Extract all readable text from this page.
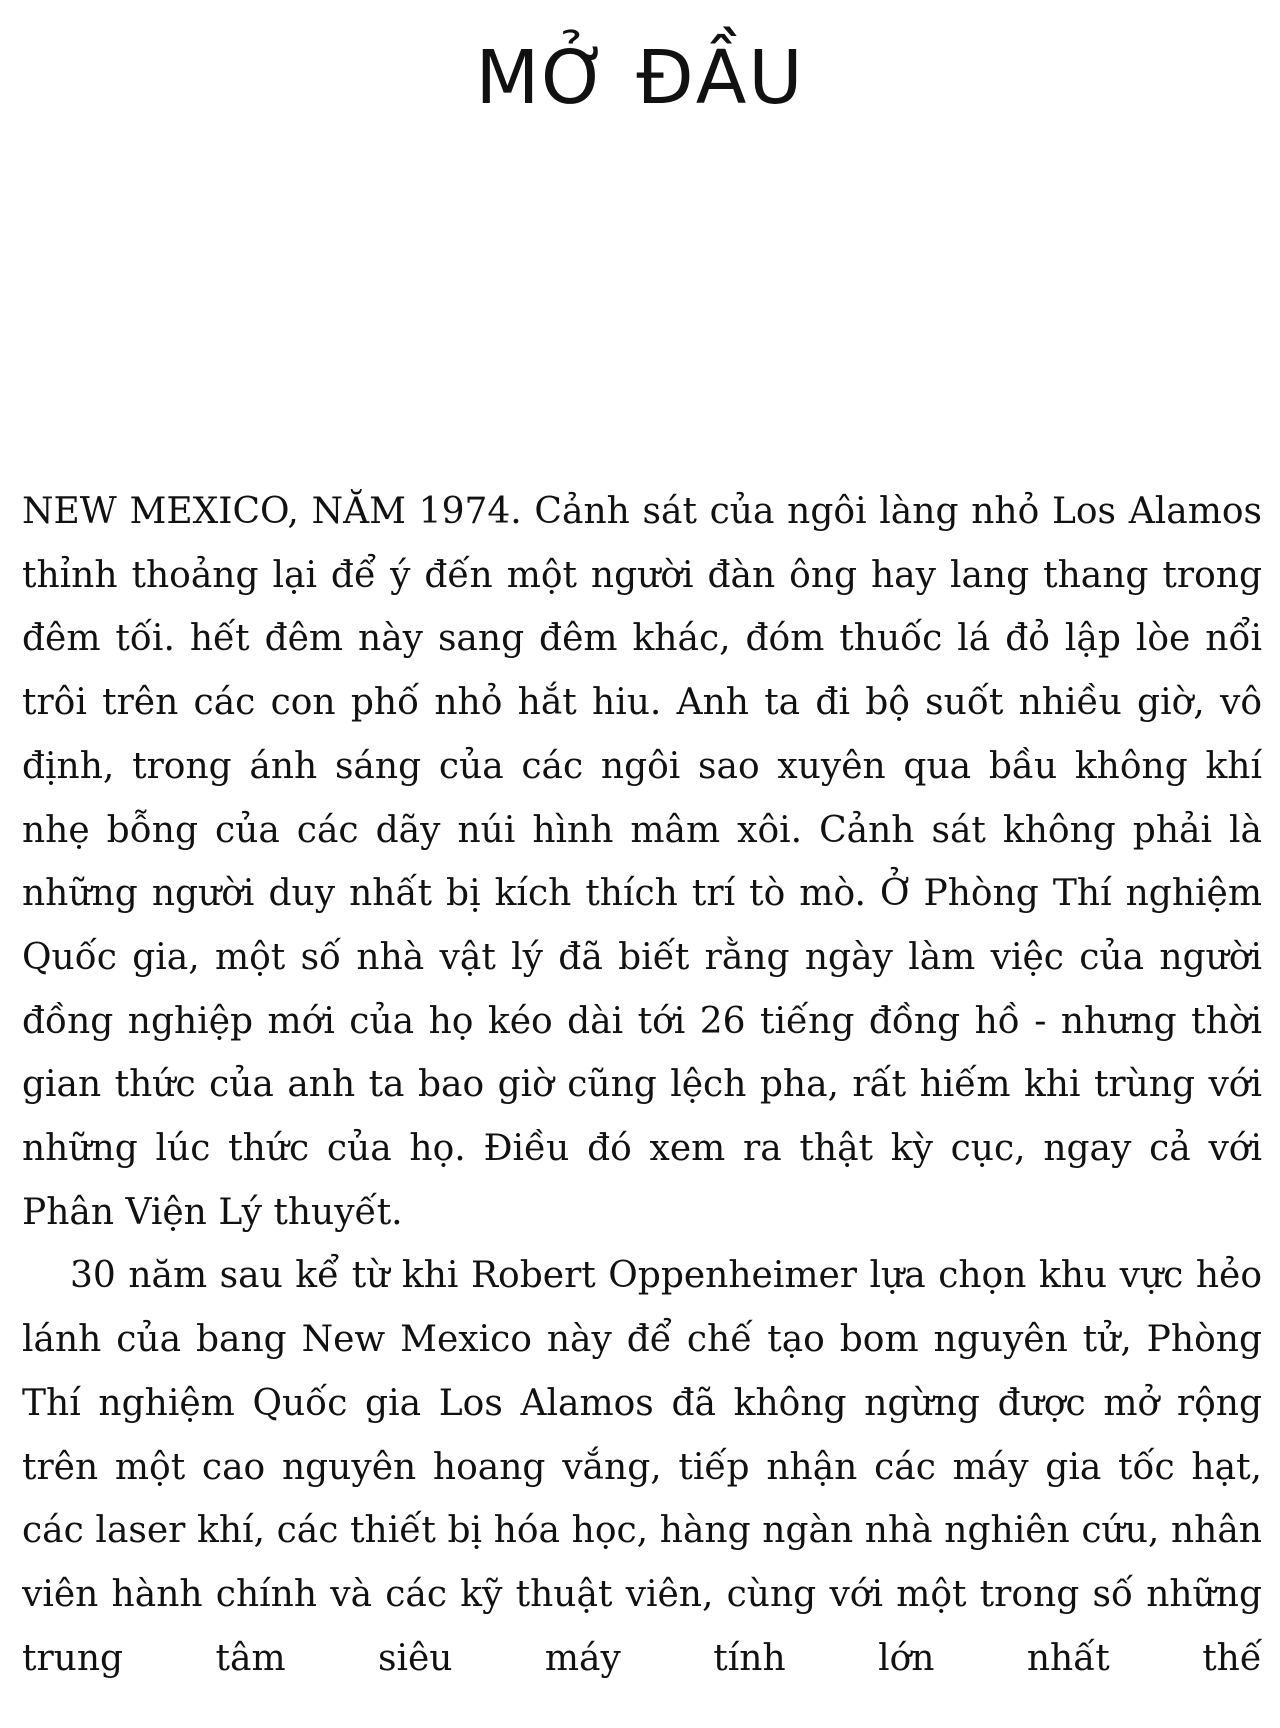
MỞ ĐẦU

NEW MEXICO, NĂM 1974. Cảnh sát của ngôi làng nhỏ Los Alamos thỉnh thoảng lại để ý đến một người đàn ông hay lang thang trong đêm tối. hết đêm này sang đêm khác, đóm thuốc lá đỏ lập lòe nổi trôi trên các con phố nhỏ hắt hiu. Anh ta đi bộ suốt nhiều giờ, vô định, trong ánh sáng của các ngôi sao xuyên qua bầu không khí nhẹ bỗng của các dãy núi hình mâm xôi. Cảnh sát không phải là những người duy nhất bị kích thích trí tò mò. Ở Phòng Thí nghiệm Quốc gia, một số nhà vật lý đã biết rằng ngày làm việc của người đồng nghiệp mới của họ kéo dài tới 26 tiếng đồng hồ - nhưng thời gian thức của anh ta bao giờ cũng lệch pha, rất hiếm khi trùng với những lúc thức của họ. Điều đó xem ra thật kỳ cục, ngay cả với Phân Viện Lý thuyết.

30 năm sau kể từ khi Robert Oppenheimer lựa chọn khu vực hẻo lánh của bang New Mexico này để chế tạo bom nguyên tử, Phòng Thí nghiệm Quốc gia Los Alamos đã không ngừng được mở rộng trên một cao nguyên hoang vắng, tiếp nhận các máy gia tốc hạt, các laser khí, các thiết bị hóa học, hàng ngàn nhà nghiên cứu, nhân viên hành chính và các kỹ thuật viên, cùng với một trong số những trung tâm siêu máy tính lớn nhất thế
